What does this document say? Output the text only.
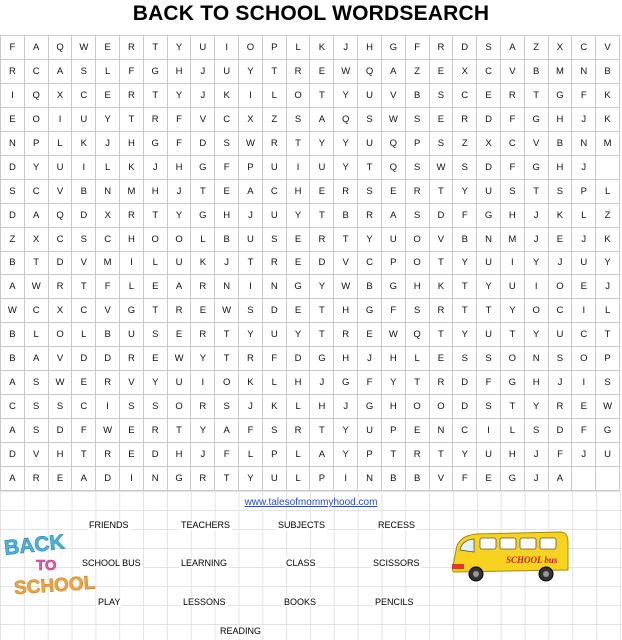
BACK TO SCHOOL WORDSEARCH
F	A	Q	W	E	R	T	Y	U	I	O	P	L	K	J	H	G	F	R	D	S	A	Z	X	C	V
R	C	A	S	L	F	G	H	J	U	Y	T	R	E	W	Q	A	Z	E	X	C	V	B	M	N	B
I	Q	X	C	E	R	T	Y	J	K	I	L	O	T	Y	U	V	B	S	C	E	R	T	G	F	K
E	O	I	U	Y	T	R	F	V	C	X	Z	S	A	Q	S	W	S	E	R	D	F	G	H	J	K
N	P	L	K	J	H	G	F	D	S	W	R	T	Y	Y	U	Q	P	S	Z	X	C	V	B	N	M
D	Y	U	I	L	K	J	H	G	F	P	U	I	U	Y	T	Q	S	W	S	D	F	G	H	J
S	C	V	B	N	M	H	J	T	E	A	C	H	E	R	S	E	R	T	Y	U	S	T	S	P	L
D	A	Q	D	X	R	T	Y	G	H	J	U	Y	T	B	R	A	S	D	F	G	H	J	K	L	Z
Z	X	C	S	C	H	O	O	L	B	U	S	E	R	T	Y	U	O	V	B	N	M	J	E	J	K
B	T	D	V	M	I	L	U	K	J	T	R	E	D	V	C	P	O	T	Y	U	I	Y	J	U	Y
A	W	R	T	F	L	E	A	R	N	I	N	G	Y	W	B	G	H	K	T	Y	U	I	O	E	J
W	C	X	C	V	G	T	R	E	W	S	D	E	T	H	G	F	S	R	T	T	Y	O	C	I	L
B	L	O	L	B	U	S	E	R	T	Y	U	Y	T	R	E	W	Q	T	Y	U	T	Y	U	C	T
B	A	V	D	D	R	E	W	Y	T	R	F	D	G	H	J	H	L	E	S	S	O	N	S	O	P
A	S	W	E	R	V	Y	U	I	O	K	L	H	J	G	F	Y	T	R	D	F	G	H	J	I	S
C	S	S	C	I	S	S	O	R	S	J	K	L	H	J	G	H	O	O	D	S	T	Y	R	E	W
A	S	D	F	W	E	R	T	Y	A	F	S	R	T	Y	U	P	E	N	C	I	L	S	D	F	G
D	V	H	T	R	E	D	H	J	F	L	P	L	A	Y	P	T	R	T	Y	U	H	J	F	J	U
A	R	E	A	D	I	N	G	R	T	Y	U	L	P	I	N	B	B	V	F	E	G	J	A
www.talesofmommyhood.com
FRIENDS	TEACHERS	SUBJECTS	RECESS
SCHOOL BUS	LEARNING	CLASS	SCISSORS
PLAY	LESSONS	BOOKS	PENCILS
READING
BACK
TO
SCHOOL
SCHOOL bus
